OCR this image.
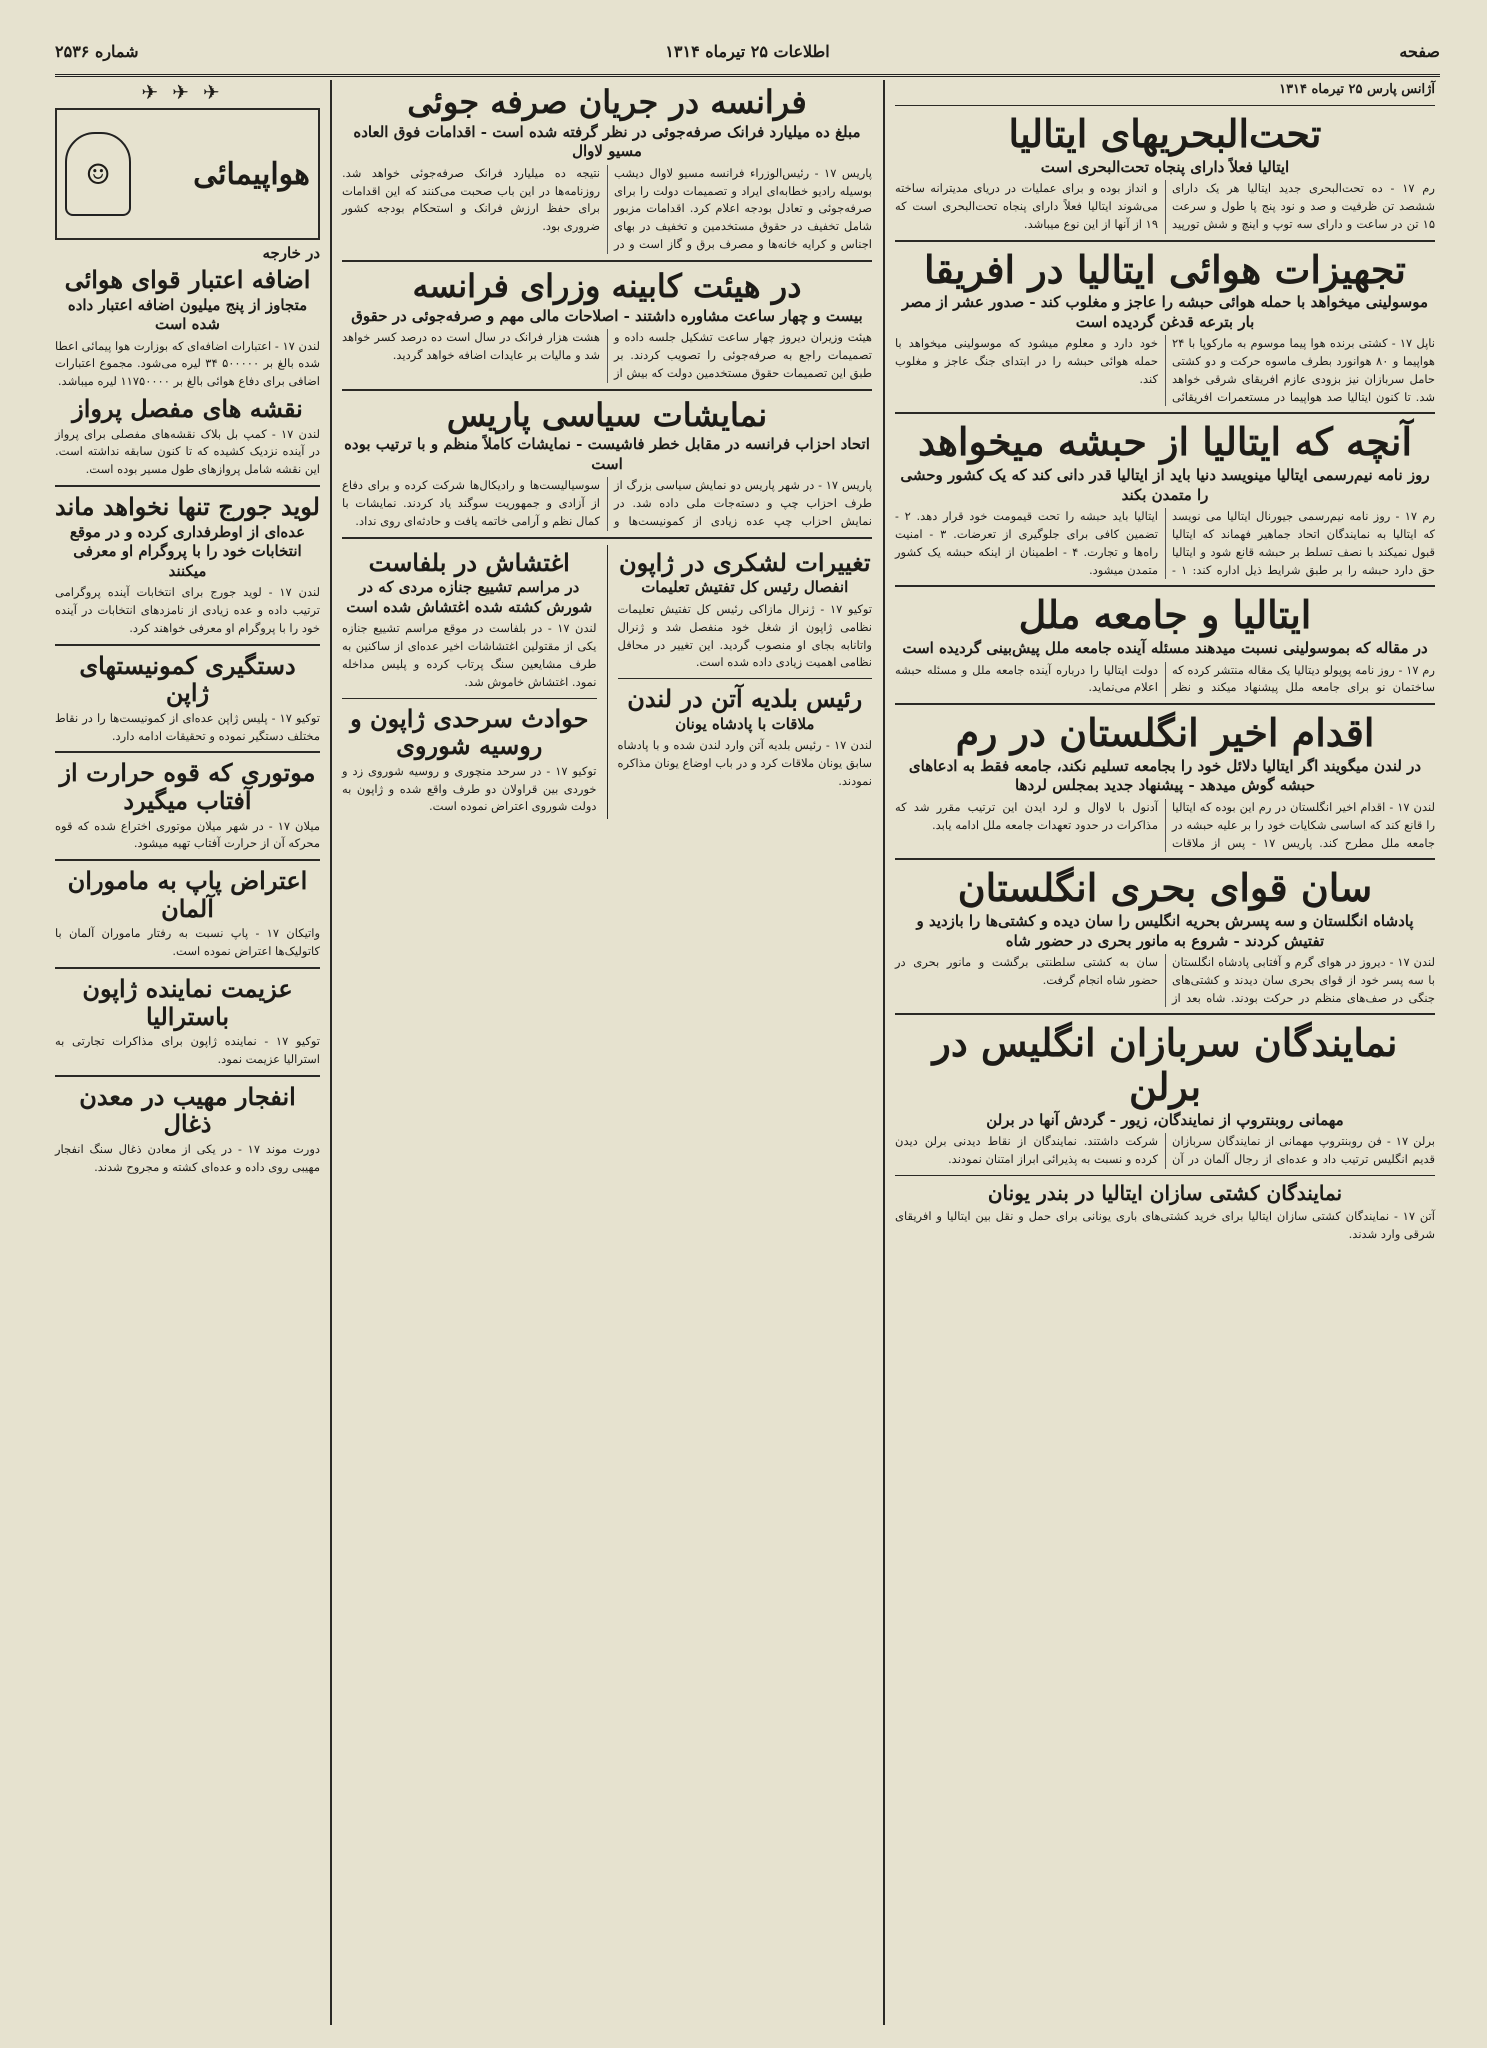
صفحه
اطلاعات ۲۵ تیرماه ۱۳۱۴
شماره ۲۵۳۶
آژانس پارس ۲۵ تیرماه ۱۳۱۴
تحت‌البحریهای ایتالیا
ایتالیا فعلاً دارای پنجاه تحت‌البحری است
رم ۱۷ - ده تحت‌البحری جدید ایتالیا هر یک دارای ششصد تن ظرفیت و صد و نود پنج پا طول و سرعت ۱۵ تن در ساعت و دارای سه توپ و اینچ و شش تورپید و انداز بوده و برای عملیات در دریای مدیترانه ساخته می‌شوند ایتالیا فعلاً دارای پنجاه تحت‌البحری است که ۱۹ از آنها از این نوع میباشد.
تجهیزات هوائی ایتالیا در افریقا
موسولینی میخواهد با حمله هوائی حبشه را عاجز و مغلوب کند - صدور عشر از مصر بار بترعه قدغن گردیده است
ناپل ۱۷ - کشتی برنده هوا پیما موسوم به مارکوپا با ۲۴ هواپیما و ۸۰ هوانورد بطرف ماسوه حرکت و دو کشتی حامل سربازان نیز بزودی عازم افریقای شرقی خواهد شد. تا کنون ایتالیا صد هواپیما در مستعمرات افریقائی خود دارد و معلوم میشود که موسولینی میخواهد با حمله هوائی حبشه را در ابتدای جنگ عاجز و مغلوب کند.
آنچه که ایتالیا از حبشه میخواهد
روز نامه نیم‌رسمی ایتالیا مینویسد دنیا باید از ایتالیا قدر دانی کند که یک کشور وحشی را متمدن بکند
رم ۱۷ - روز نامه نیم‌رسمی جیورنال ایتالیا می نویسد که ایتالیا به نمایندگان اتحاد جماهیر فهماند که ایتالیا قبول نمیکند با نصف تسلط بر حبشه قانع شود و ایتالیا حق دارد حبشه را بر طبق شرایط ذیل اداره کند: ۱ - ایتالیا باید حبشه را تحت قیمومت خود قرار دهد. ۲ - تضمین کافی برای جلوگیری از تعرضات. ۳ - امنیت راه‌ها و تجارت. ۴ - اطمینان از اینکه حبشه یک کشور متمدن میشود.
ایتالیا و جامعه ملل
در مقاله که بموسولینی نسبت میدهند مسئله آینده جامعه ملل پیش‌بینی گردیده است
رم ۱۷ - روز نامه پوپولو دیتالیا یک مقاله منتشر کرده که ساختمان نو برای جامعه ملل پیشنهاد میکند و نظر دولت ایتالیا را درباره آینده جامعه ملل و مسئله حبشه اعلام می‌نماید.
اقدام اخیر انگلستان در رم
در لندن میگویند اگر ایتالیا دلائل خود را بجامعه تسلیم نکند، جامعه فقط به ادعاهای حبشه گوش میدهد - پیشنهاد جدید بمجلس لردها
لندن ۱۷ - اقدام اخیر انگلستان در رم این بوده که ایتالیا را قانع کند که اساسی شکایات خود را بر علیه حبشه در جامعه ملل مطرح کند. پاریس ۱۷ - پس از ملاقات آدنول با لاوال و لرد ایدن این ترتیب مقرر شد که مذاکرات در حدود تعهدات جامعه ملل ادامه یابد.
سان قوای بحری انگلستان
پادشاه انگلستان و سه پسرش بحریه انگلیس را سان دیده و کشتی‌ها را بازدید و تفتیش کردند - شروع به مانور بحری در حضور شاه
لندن ۱۷ - دیروز در هوای گرم و آفتابی پادشاه انگلستان با سه پسر خود از قوای بحری سان دیدند و کشتی‌های جنگی در صف‌های منظم در حرکت بودند. شاه بعد از سان به کشتی سلطنتی برگشت و مانور بحری در حضور شاه انجام گرفت.
نمایندگان سربازان انگلیس در برلن
مهمانی روبنتروپ از نمایندگان، زیور - گردش آنها در برلن
برلن ۱۷ - فن روبنتروپ مهمانی از نمایندگان سربازان قدیم انگلیس ترتیب داد و عده‌ای از رجال آلمان در آن شرکت داشتند. نمایندگان از نقاط دیدنی برلن دیدن کرده و نسبت به پذیرائی ابراز امتنان نمودند.
نمایندگان کشتی سازان ایتالیا در بندر یونان
آتن ۱۷ - نمایندگان کشتی سازان ایتالیا برای خرید کشتی‌های باری یونانی برای حمل و نقل بین ایتالیا و افریقای شرقی وارد شدند.
فرانسه در جریان صرفه جوئی
مبلغ ده میلیارد فرانک صرفه‌جوئی در نظر گرفته شده است - اقدامات فوق العاده مسیو لاوال
پاریس ۱۷ - رئیس‌الوزراء فرانسه مسیو لاوال دیشب بوسیله رادیو خطابه‌ای ایراد و تصمیمات دولت را برای صرفه‌جوئی و تعادل بودجه اعلام کرد. اقدامات مزبور شامل تخفیف در حقوق مستخدمین و تخفیف در بهای اجناس و کرایه خانه‌ها و مصرف برق و گاز است و در نتیجه ده میلیارد فرانک صرفه‌جوئی خواهد شد. روزنامه‌ها در این باب صحبت می‌کنند که این اقدامات برای حفظ ارزش فرانک و استحکام بودجه کشور ضروری بود.
در هیئت کابینه وزرای فرانسه
بیست و چهار ساعت مشاوره داشتند - اصلاحات مالی مهم و صرفه‌جوئی در حقوق
هیئت وزیران دیروز چهار ساعت تشکیل جلسه داده و تصمیمات راجع به صرفه‌جوئی را تصویب کردند. بر طبق این تصمیمات حقوق مستخدمین دولت که بیش از هشت هزار فرانک در سال است ده درصد کسر خواهد شد و مالیات بر عایدات اضافه خواهد گردید.
نمایشات سیاسی پاریس
اتحاد احزاب فرانسه در مقابل خطر فاشیست - نمایشات کاملاً منظم و با ترتیب بوده است
پاریس ۱۷ - در شهر پاریس دو نمایش سیاسی بزرگ از طرف احزاب چپ و دسته‌جات ملی داده شد. در نمایش احزاب چپ عده زیادی از کمونیست‌ها و سوسیالیست‌ها و رادیکال‌ها شرکت کرده و برای دفاع از آزادی و جمهوریت سوگند یاد کردند. نمایشات با کمال نظم و آرامی خاتمه یافت و حادثه‌ای روی نداد.
تغییرات لشکری در ژاپون
انفصال رئیس کل تفتیش تعلیمات
توکیو ۱۷ - ژنرال مازاکی رئیس کل تفتیش تعلیمات نظامی ژاپون از شغل خود منفصل شد و ژنرال واتانابه بجای او منصوب گردید. این تغییر در محافل نظامی اهمیت زیادی داده شده است.
رئیس بلدیه آتن در لندن
ملاقات با پادشاه یونان
لندن ۱۷ - رئیس بلدیه آتن وارد لندن شده و با پادشاه سابق یونان ملاقات کرد و در باب اوضاع یونان مذاکره نمودند.
اغتشاش در بلفاست
در مراسم تشییع جنازه مردی که در شورش کشته شده اغتشاش شده است
لندن ۱۷ - در بلفاست در موقع مراسم تشییع جنازه یکی از مقتولین اغتشاشات اخیر عده‌ای از ساکنین به طرف مشایعین سنگ پرتاب کرده و پلیس مداخله نمود. اغتشاش خاموش شد.
حوادث سرحدی ژاپون و روسیه شوروی
توکیو ۱۷ - در سرحد منچوری و روسیه شوروی زد و خوردی بین قراولان دو طرف واقع شده و ژاپون به دولت شوروی اعتراض نموده است.
✈✈✈
هواپیمائی
☺
در خارجه
اضافه اعتبار قوای هوائی
متجاوز از پنج میلیون اضافه اعتبار داده شده است
لندن ۱۷ - اعتبارات اضافه‌ای که بوزارت هوا پیمائی اعطا شده بالغ بر ۵۰۰۰۰۰ ۳۴ لیره می‌شود. مجموع اعتبارات اضافی برای دفاع هوائی بالغ بر ۱۱۷۵۰۰۰۰ لیره میباشد.
نقشه های مفصل پرواز
لندن ۱۷ - کمپ بل بلاک نقشه‌های مفصلی برای پرواز در آینده نزدیک کشیده که تا کنون سابقه نداشته است. این نقشه شامل پروازهای طول مسیر بوده است.
لوید جورج تنها نخواهد ماند
عده‌ای از اوطرفداری کرده و در موقع انتخابات خود را با پروگرام او معرفی میکنند
لندن ۱۷ - لوید جورج برای انتخابات آینده پروگرامی ترتیب داده و عده زیادی از نامزدهای انتخابات در آینده خود را با پروگرام او معرفی خواهند کرد.
دستگیری کمونیستهای ژاپن
توکیو ۱۷ - پلیس ژاپن عده‌ای از کمونیست‌ها را در نقاط مختلف دستگیر نموده و تحقیقات ادامه دارد.
موتوری که قوه حرارت از آفتاب میگیرد
میلان ۱۷ - در شهر میلان موتوری اختراع شده که قوه محرکه آن از حرارت آفتاب تهیه میشود.
اعتراض پاپ به ماموران آلمان
واتیکان ۱۷ - پاپ نسبت به رفتار ماموران آلمان با کاتولیک‌ها اعتراض نموده است.
عزیمت نماینده ژاپون باسترالیا
توکیو ۱۷ - نماینده ژاپون برای مذاکرات تجارتی به استرالیا عزیمت نمود.
انفجار مهیب در معدن ذغال
دورت موند ۱۷ - در یکی از معادن ذغال سنگ انفجار مهیبی روی داده و عده‌ای کشته و مجروح شدند.
